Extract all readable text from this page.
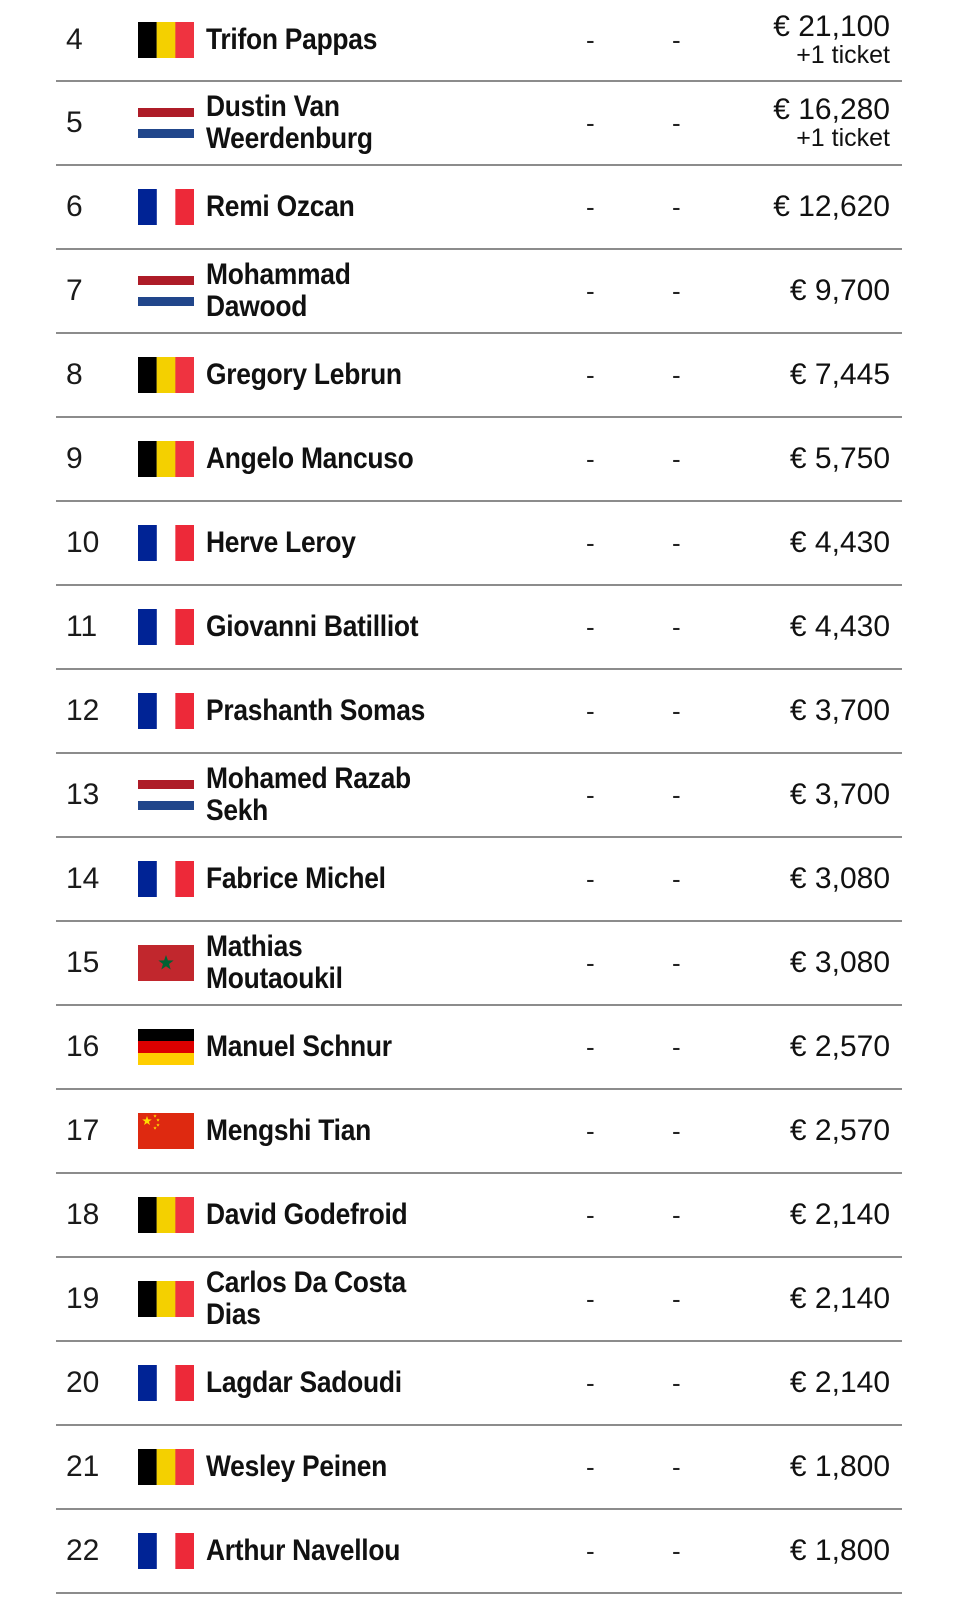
4	Trifon Pappas	-	-	€ 21,100
+1 ticket
5	Dustin Van
Weerdenburg	-	-	€ 16,280
+1 ticket
6	Remi Ozcan	-	-	€ 12,620
7	Mohammad
Dawood	-	-	€ 9,700
8	Gregory Lebrun	-	-	€ 7,445
9	Angelo Mancuso	-	-	€ 5,750
10	Herve Leroy	-	-	€ 4,430
11	Giovanni Batilliot	-	-	€ 4,430
12	Prashanth Somas	-	-	€ 3,700
13	Mohamed Razab
Sekh	-	-	€ 3,700
14	Fabrice Michel	-	-	€ 3,080
15	Mathias
Moutaoukil	-	-	€ 3,080
16	Manuel Schnur	-	-	€ 2,570
17	Mengshi Tian	-	-	€ 2,570
18	David Godefroid	-	-	€ 2,140
19	Carlos Da Costa
Dias	-	-	€ 2,140
20	Lagdar Sadoudi	-	-	€ 2,140
21	Wesley Peinen	-	-	€ 1,800
22	Arthur Navellou	-	-	€ 1,800
